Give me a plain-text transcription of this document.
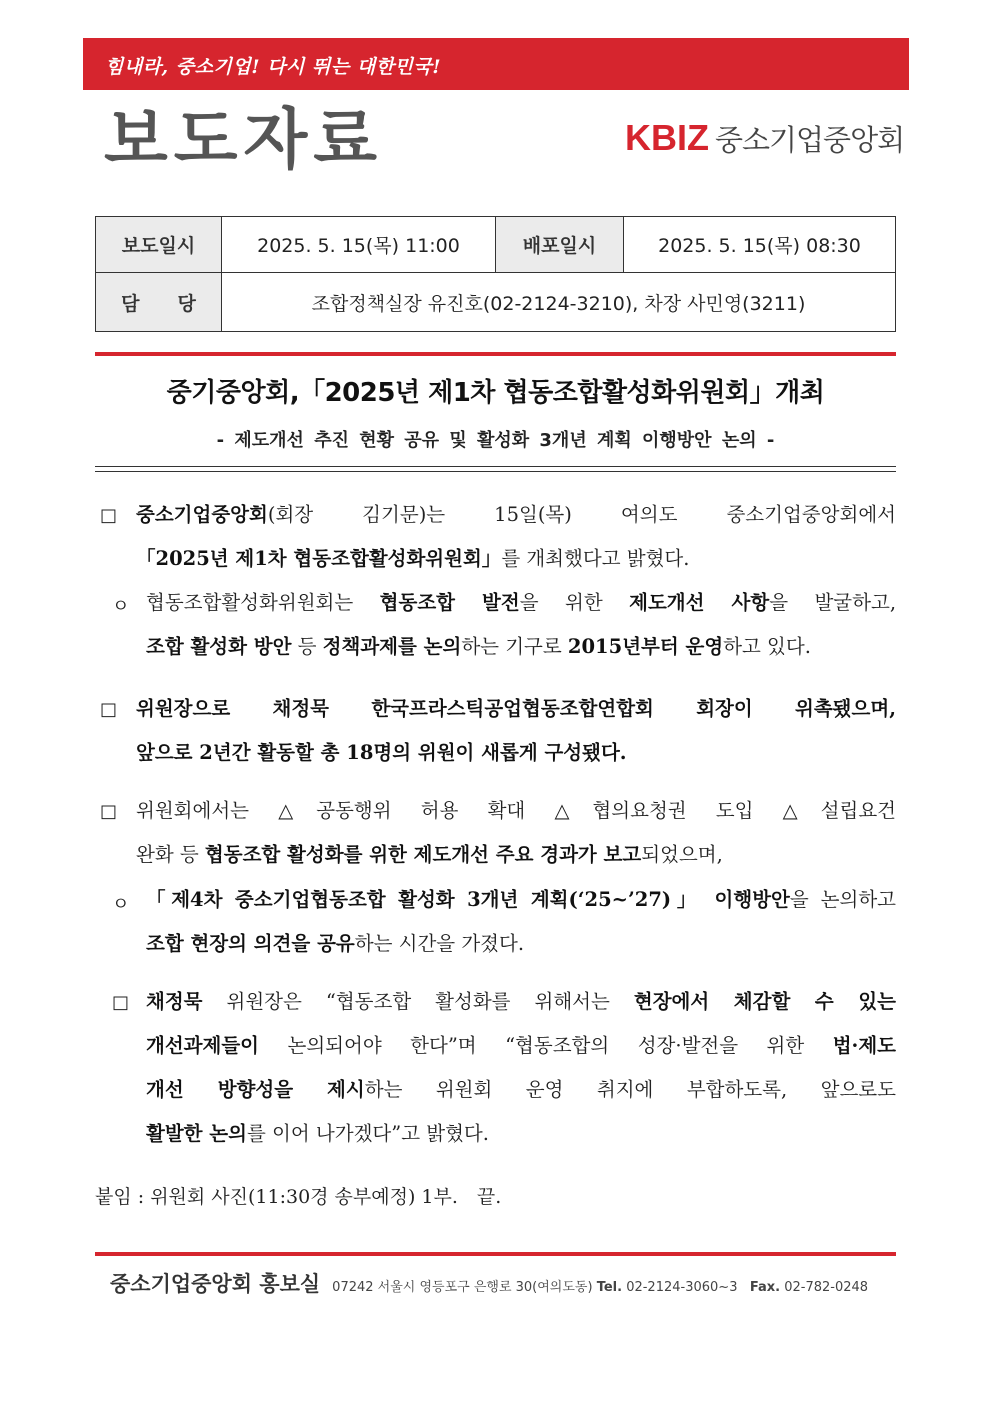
힘내라, 중소기업! 다시 뛰는 대한민국!
보도자료	KBIZ 중소기업중앙회
보도일시	2025. 5. 15(목) 11:00	배포일시	2025. 5. 15(목) 08:30
담　　당	조합정책실장 유진호(02-2124-3210), 차장 사민영(3211)		
중기중앙회,「2025년 제1차 협동조합활성화위원회」개최
- 제도개선 추진 현황 공유 및 활성화 3개년 계획 이행방안 논의 -
□ 중소기업중앙회(회장 김기문)는 15일(목) 여의도 중소기업중앙회에서
「2025년 제1차 협동조합활성화위원회」를 개최했다고 밝혔다.
ㅇ 협동조합활성화위원회는 협동조합 발전을 위한 제도개선 사항을 발굴하고,
조합 활성화 방안 등 정책과제를 논의하는 기구로 2015년부터 운영하고 있다.
□ 위원장으로 채정묵 한국프라스틱공업협동조합연합회 회장이 위촉됐으며,
앞으로 2년간 활동할 총 18명의 위원이 새롭게 구성됐다.
□ 위원회에서는 △공동행위 허용 확대 △협의요청권 도입 △설립요건
완화 등 협동조합 활성화를 위한 제도개선 주요 경과가 보고되었으며,
ㅇ 「제4차 중소기업협동조합 활성화 3개년 계획(‘25~’27)」 이행방안을 논의하고
조합 현장의 의견을 공유하는 시간을 가졌다.
□ 채정묵 위원장은 “협동조합 활성화를 위해서는 현장에서 체감할 수 있는
개선과제들이 논의되어야 한다”며 “협동조합의 성장·발전을 위한 법·제도
개선 방향성을 제시하는 위원회 운영 취지에 부합하도록, 앞으로도
활발한 논의를 이어 나가겠다”고 밝혔다.
붙임 : 위원회 사진(11:30경 송부예정) 1부.　끝.
중소기업중앙회 홍보실 07242 서울시 영등포구 은행로 30(여의도동) Tel. 02-2124-3060~3 Fax. 02-782-0248
